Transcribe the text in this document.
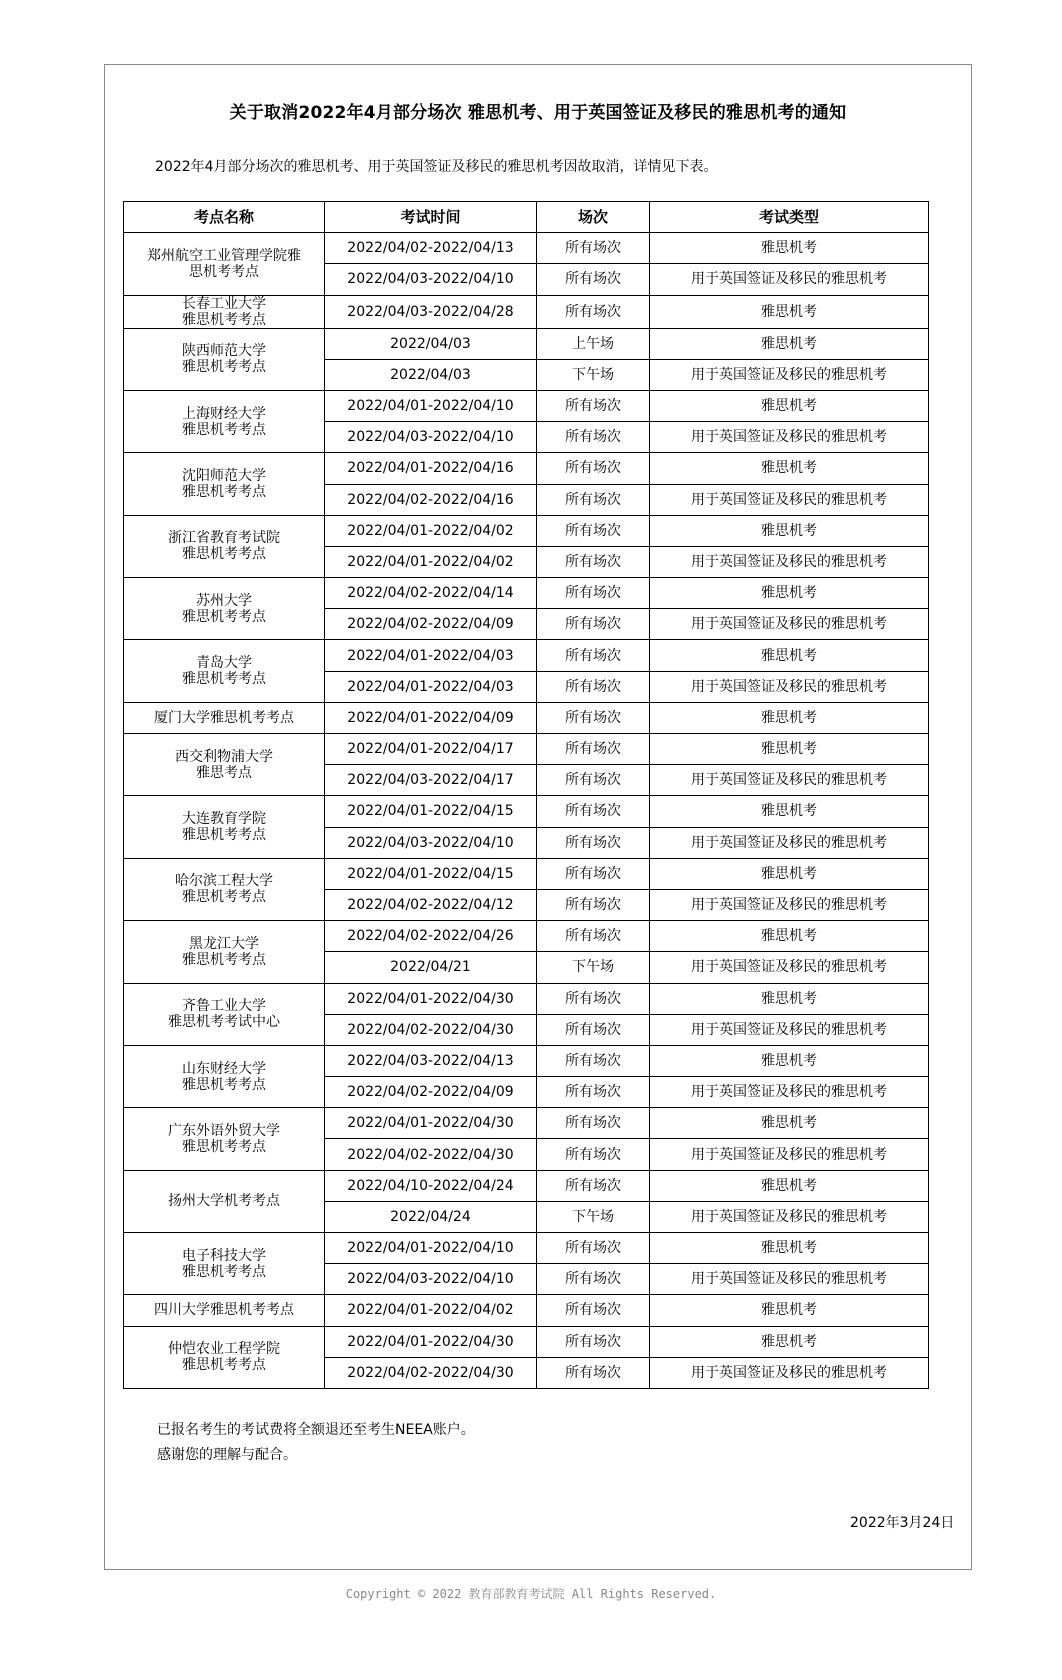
关于取消2022年4月部分场次 雅思机考、用于英国签证及移民的雅思机考的通知
2022年4月部分场次的雅思机考、用于英国签证及移民的雅思机考因故取消，详情见下表。
考点名称	考试时间	场次	考试类型
郑州航空工业管理学院雅
思机考考点	2022/04/02-2022/04/13	所有场次	雅思机考
	2022/04/03-2022/04/10	所有场次	用于英国签证及移民的雅思机考
长春工业大学
雅思机考考点	2022/04/03-2022/04/28	所有场次	雅思机考
陕西师范大学
雅思机考考点	2022/04/03	上午场	雅思机考
	2022/04/03	下午场	用于英国签证及移民的雅思机考
上海财经大学
雅思机考考点	2022/04/01-2022/04/10	所有场次	雅思机考
	2022/04/03-2022/04/10	所有场次	用于英国签证及移民的雅思机考
沈阳师范大学
雅思机考考点	2022/04/01-2022/04/16	所有场次	雅思机考
	2022/04/02-2022/04/16	所有场次	用于英国签证及移民的雅思机考
浙江省教育考试院
雅思机考考点	2022/04/01-2022/04/02	所有场次	雅思机考
	2022/04/01-2022/04/02	所有场次	用于英国签证及移民的雅思机考
苏州大学
雅思机考考点	2022/04/02-2022/04/14	所有场次	雅思机考
	2022/04/02-2022/04/09	所有场次	用于英国签证及移民的雅思机考
青岛大学
雅思机考考点	2022/04/01-2022/04/03	所有场次	雅思机考
	2022/04/01-2022/04/03	所有场次	用于英国签证及移民的雅思机考
厦门大学雅思机考考点	2022/04/01-2022/04/09	所有场次	雅思机考
西交利物浦大学
雅思考点	2022/04/01-2022/04/17	所有场次	雅思机考
	2022/04/03-2022/04/17	所有场次	用于英国签证及移民的雅思机考
大连教育学院
雅思机考考点	2022/04/01-2022/04/15	所有场次	雅思机考
	2022/04/03-2022/04/10	所有场次	用于英国签证及移民的雅思机考
哈尔滨工程大学
雅思机考考点	2022/04/01-2022/04/15	所有场次	雅思机考
	2022/04/02-2022/04/12	所有场次	用于英国签证及移民的雅思机考
黑龙江大学
雅思机考考点	2022/04/02-2022/04/26	所有场次	雅思机考
	2022/04/21	下午场	用于英国签证及移民的雅思机考
齐鲁工业大学
雅思机考考试中心	2022/04/01-2022/04/30	所有场次	雅思机考
	2022/04/02-2022/04/30	所有场次	用于英国签证及移民的雅思机考
山东财经大学
雅思机考考点	2022/04/03-2022/04/13	所有场次	雅思机考
	2022/04/02-2022/04/09	所有场次	用于英国签证及移民的雅思机考
广东外语外贸大学
雅思机考考点	2022/04/01-2022/04/30	所有场次	雅思机考
	2022/04/02-2022/04/30	所有场次	用于英国签证及移民的雅思机考
扬州大学机考考点	2022/04/10-2022/04/24	所有场次	雅思机考
	2022/04/24	下午场	用于英国签证及移民的雅思机考
电子科技大学
雅思机考考点	2022/04/01-2022/04/10	所有场次	雅思机考
	2022/04/03-2022/04/10	所有场次	用于英国签证及移民的雅思机考
四川大学雅思机考考点	2022/04/01-2022/04/02	所有场次	雅思机考
仲恺农业工程学院
雅思机考考点	2022/04/01-2022/04/30	所有场次	雅思机考
	2022/04/02-2022/04/30	所有场次	用于英国签证及移民的雅思机考
已报名考生的考试费将全额退还至考生NEEA账户。
感谢您的理解与配合。
2022年3月24日
Copyright © 2022 教育部教育考试院 All Rights Reserved.
